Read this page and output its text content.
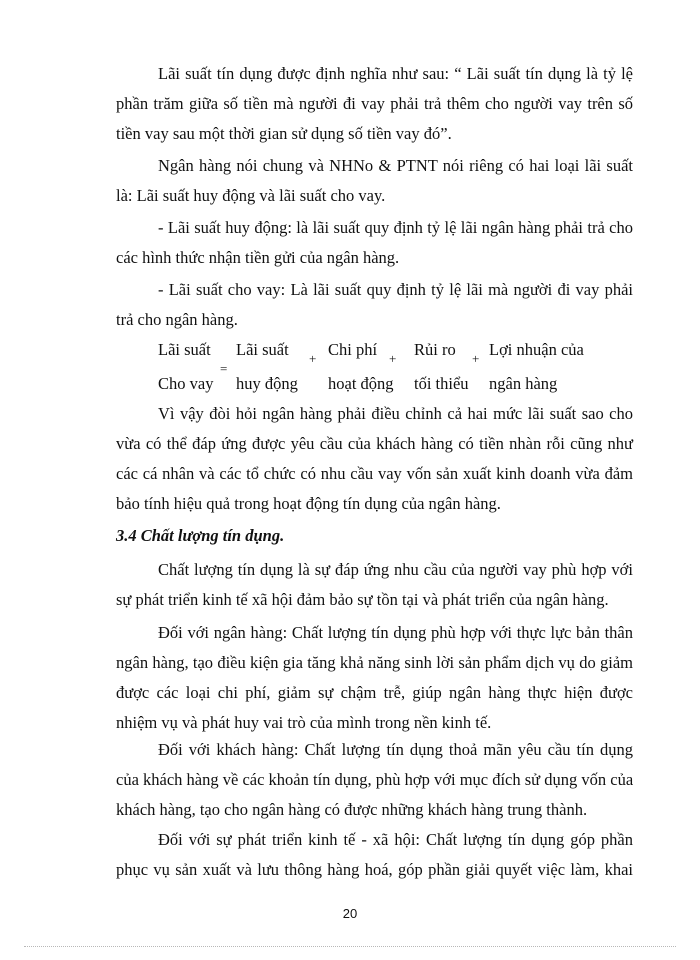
Lãi suất tín dụng được định nghĩa như sau: “ Lãi suất tín dụng là tỷ lệ
phần trăm giữa số tiền mà người đi vay phải trả thêm cho người vay trên số
tiền vay sau một thời gian sử dụng số tiền vay đó”.
Ngân hàng nói chung và NHNo & PTNT nói riêng có hai loại lãi suất
là: Lãi suất huy động và lãi suất cho vay.
- Lãi suất huy động: là lãi suất quy định tỷ lệ lãi ngân hàng phải trả cho
các hình thức nhận tiền gửi của ngân hàng.
- Lãi suất cho vay: Là lãi suất quy định tỷ lệ lãi mà người đi vay phải
trả cho ngân hàng.
Lãi suất
Cho vay
=
Lãi suất
huy động
+ Chi phí
hoạt động
+ Rủi ro
tối thiểu
+ Lợi nhuận của
ngân hàng
Vì vậy đòi hỏi ngân hàng phải điều chỉnh cả hai mức lãi suất sao cho
vừa có thể đáp ứng được yêu cầu của khách hàng có tiền nhàn rỗi cũng như
các cá nhân và các tổ chức có nhu cầu vay vốn sản xuất kinh doanh vừa đảm
bảo tính hiệu quả trong hoạt động tín dụng của ngân hàng.
3.4 Chất lượng tín dụng.
Chất lượng tín dụng là sự đáp ứng nhu cầu của người vay phù hợp với
sự phát triển kinh tế xã hội đảm bảo sự tồn tại và phát triển của ngân hàng.
Đối với ngân hàng: Chất lượng tín dụng phù hợp với thực lực bản thân
ngân hàng, tạo điều kiện gia tăng khả năng sinh lời sản phẩm dịch vụ do giảm
được các loại chi phí, giảm sự chậm trễ, giúp ngân hàng thực hiện được
nhiệm vụ và phát huy vai trò của mình trong nền kinh tế.
Đối với khách hàng: Chất lượng tín dụng thoả mãn yêu cầu tín dụng
của khách hàng về các khoản tín dụng, phù hợp với mục đích sử dụng vốn của
khách hàng, tạo cho ngân hàng có được những khách hàng trung thành.
Đối với sự phát triển kinh tế - xã hội: Chất lượng tín dụng góp phần
phục vụ sản xuất và lưu thông hàng hoá, góp phần giải quyết việc làm, khai
20
